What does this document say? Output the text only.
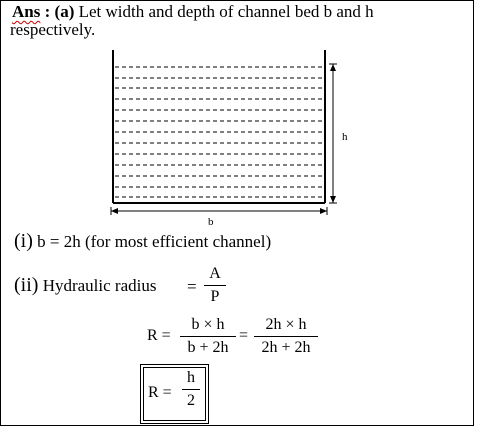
Ans : (a) Let width and depth of channel bed b and h
respectively.
h
b
(i) b = 2h (for most efficient channel)
(ii) Hydraulic radius =
A
P
R =
b × h
b + 2h
=
2h × h
2h + 2h
R =
h
2
